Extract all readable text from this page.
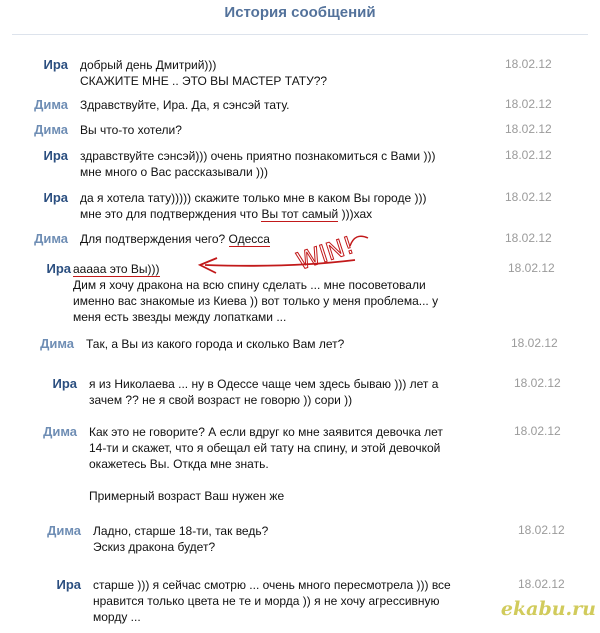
История сообщений
Ира добрый день Дмитрий)))
СКАЖИТЕ МНЕ .. ЭТО ВЫ МАСТЕР ТАТУ??
18.02.12
Дима Здравствуйте, Ира. Да, я сэнсэй тату.	18.02.12
Дима Вы что-то хотели?	18.02.12
Ира здравствуйте сэнсэй))) очень приятно познакомиться с Вами )))
мне много о Вас рассказывали )))
18.02.12
Ира да я хотела тату))))) скажите только мне в каком Вы городе )))
мне это для подтверждения что Вы тот самый )))хах
18.02.12
Дима Для подтверждения чего? Одесса	18.02.12
Ира ааааа это Вы)))
Дим я хочу дракона на всю спину сделать ... мне посоветовали
именно вас знакомые из Киева )) вот только у меня проблема... у
меня есть звезды между лопатками ...
18.02.12
Дима Так, а Вы из какого города и сколько Вам лет?	18.02.12
Ира я из Николаева ... ну в Одессе чаще чем здесь бываю ))) лет а
зачем ?? не я свой возраст не говорю )) сори ))
18.02.12
Дима Как это не говорите? А если вдруг ко мне заявится девочка лет
14-ти и скажет, что я обещал ей тату на спину, и этой девочкой
окажетесь Вы. Откда мне знать.
Примерный возраст Ваш нужен же
18.02.12
Дима Ладно, старше 18-ти, так ведь?
Эскиз дракона будет?
18.02.12
Ира старше ))) я сейчас смотрю ... очень много пересмотрела ))) все
нравится только цвета не те и морда )) я не хочу агрессивную
морду ...
18.02.12
WIN!
ekabu.ru
